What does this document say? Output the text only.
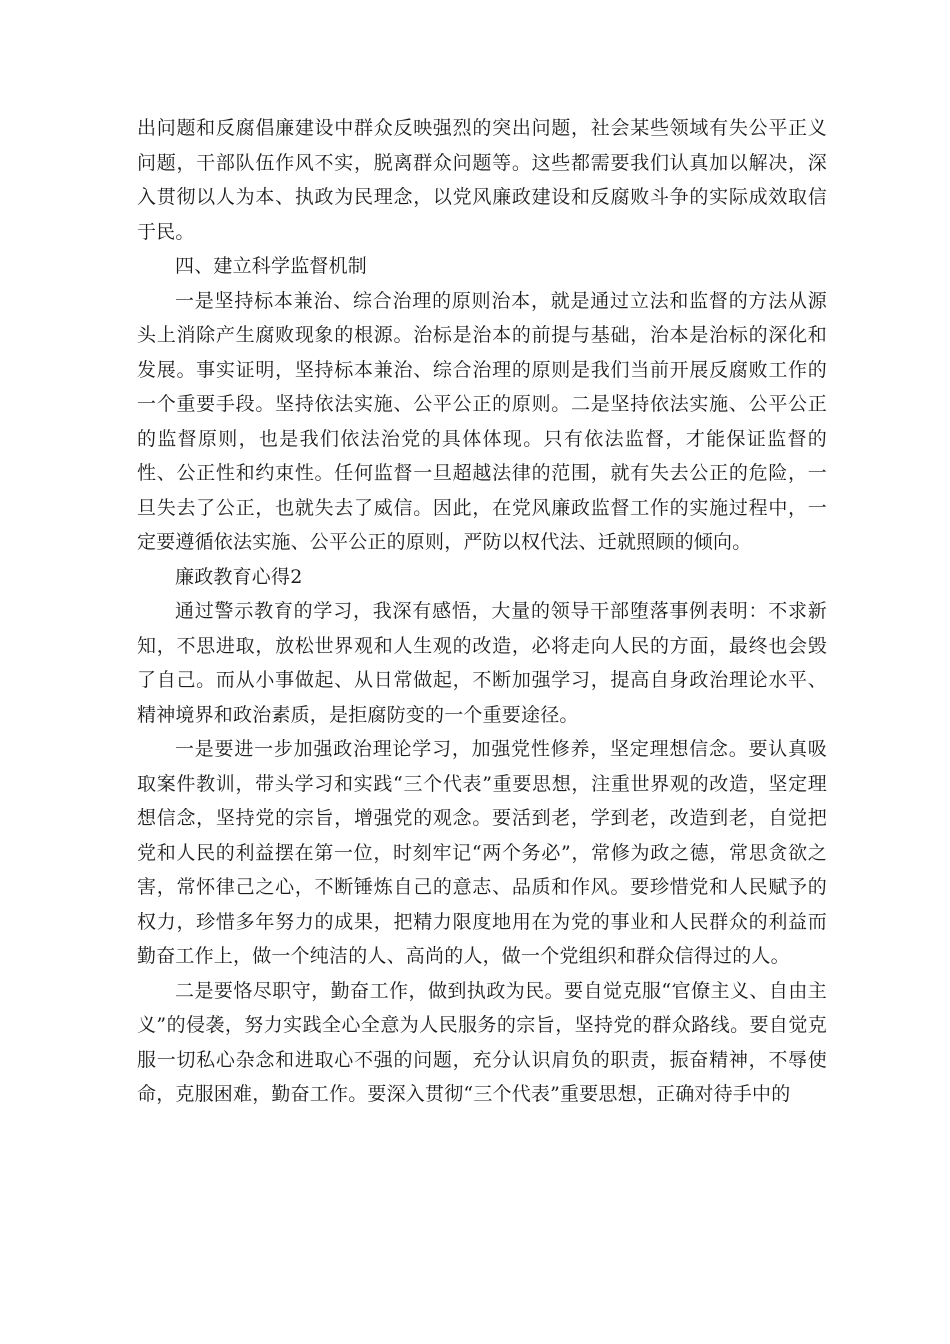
出问题和反腐倡廉建设中群众反映强烈的突出问题，社会某些领域有失公平正义问题，干部队伍作风不实，脱离群众问题等。这些都需要我们认真加以解决，深入贯彻以人为本、执政为民理念，以党风廉政建设和反腐败斗争的实际成效取信于民。

四、建立科学监督机制

一是坚持标本兼治、综合治理的原则治本，就是通过立法和监督的方法从源头上消除产生腐败现象的根源。治标是治本的前提与基础，治本是治标的深化和发展。事实证明，坚持标本兼治、综合治理的原则是我们当前开展反腐败工作的一个重要手段。坚持依法实施、公平公正的原则。二是坚持依法实施、公平公正的监督原则，也是我们依法治党的具体体现。只有依法监督，才能保证监督的性、公正性和约束性。任何监督一旦超越法律的范围，就有失去公正的危险，一旦失去了公正，也就失去了威信。因此，在党风廉政监督工作的实施过程中，一定要遵循依法实施、公平公正的原则，严防以权代法、迁就照顾的倾向。

廉政教育心得2

通过警示教育的学习，我深有感悟，大量的领导干部堕落事例表明：不求新知，不思进取，放松世界观和人生观的改造，必将走向人民的方面，最终也会毁了自己。而从小事做起、从日常做起，不断加强学习，提高自身政治理论水平、精神境界和政治素质，是拒腐防变的一个重要途径。

一是要进一步加强政治理论学习，加强党性修养，坚定理想信念。要认真吸取案件教训，带头学习和实践“三个代表”重要思想，注重世界观的改造，坚定理想信念，坚持党的宗旨，增强党的观念。要活到老，学到老，改造到老，自觉把党和人民的利益摆在第一位，时刻牢记“两个务必”，常修为政之德，常思贪欲之害，常怀律己之心，不断锤炼自己的意志、品质和作风。要珍惜党和人民赋予的权力，珍惜多年努力的成果，把精力限度地用在为党的事业和人民群众的利益而勤奋工作上，做一个纯洁的人、高尚的人，做一个党组织和群众信得过的人。

二是要恪尽职守，勤奋工作，做到执政为民。要自觉克服“官僚主义、自由主义”的侵袭，努力实践全心全意为人民服务的宗旨，坚持党的群众路线。要自觉克服一切私心杂念和进取心不强的问题，充分认识肩负的职责，振奋精神，不辱使命，克服困难，勤奋工作。要深入贯彻“三个代表”重要思想，正确对待手中的
